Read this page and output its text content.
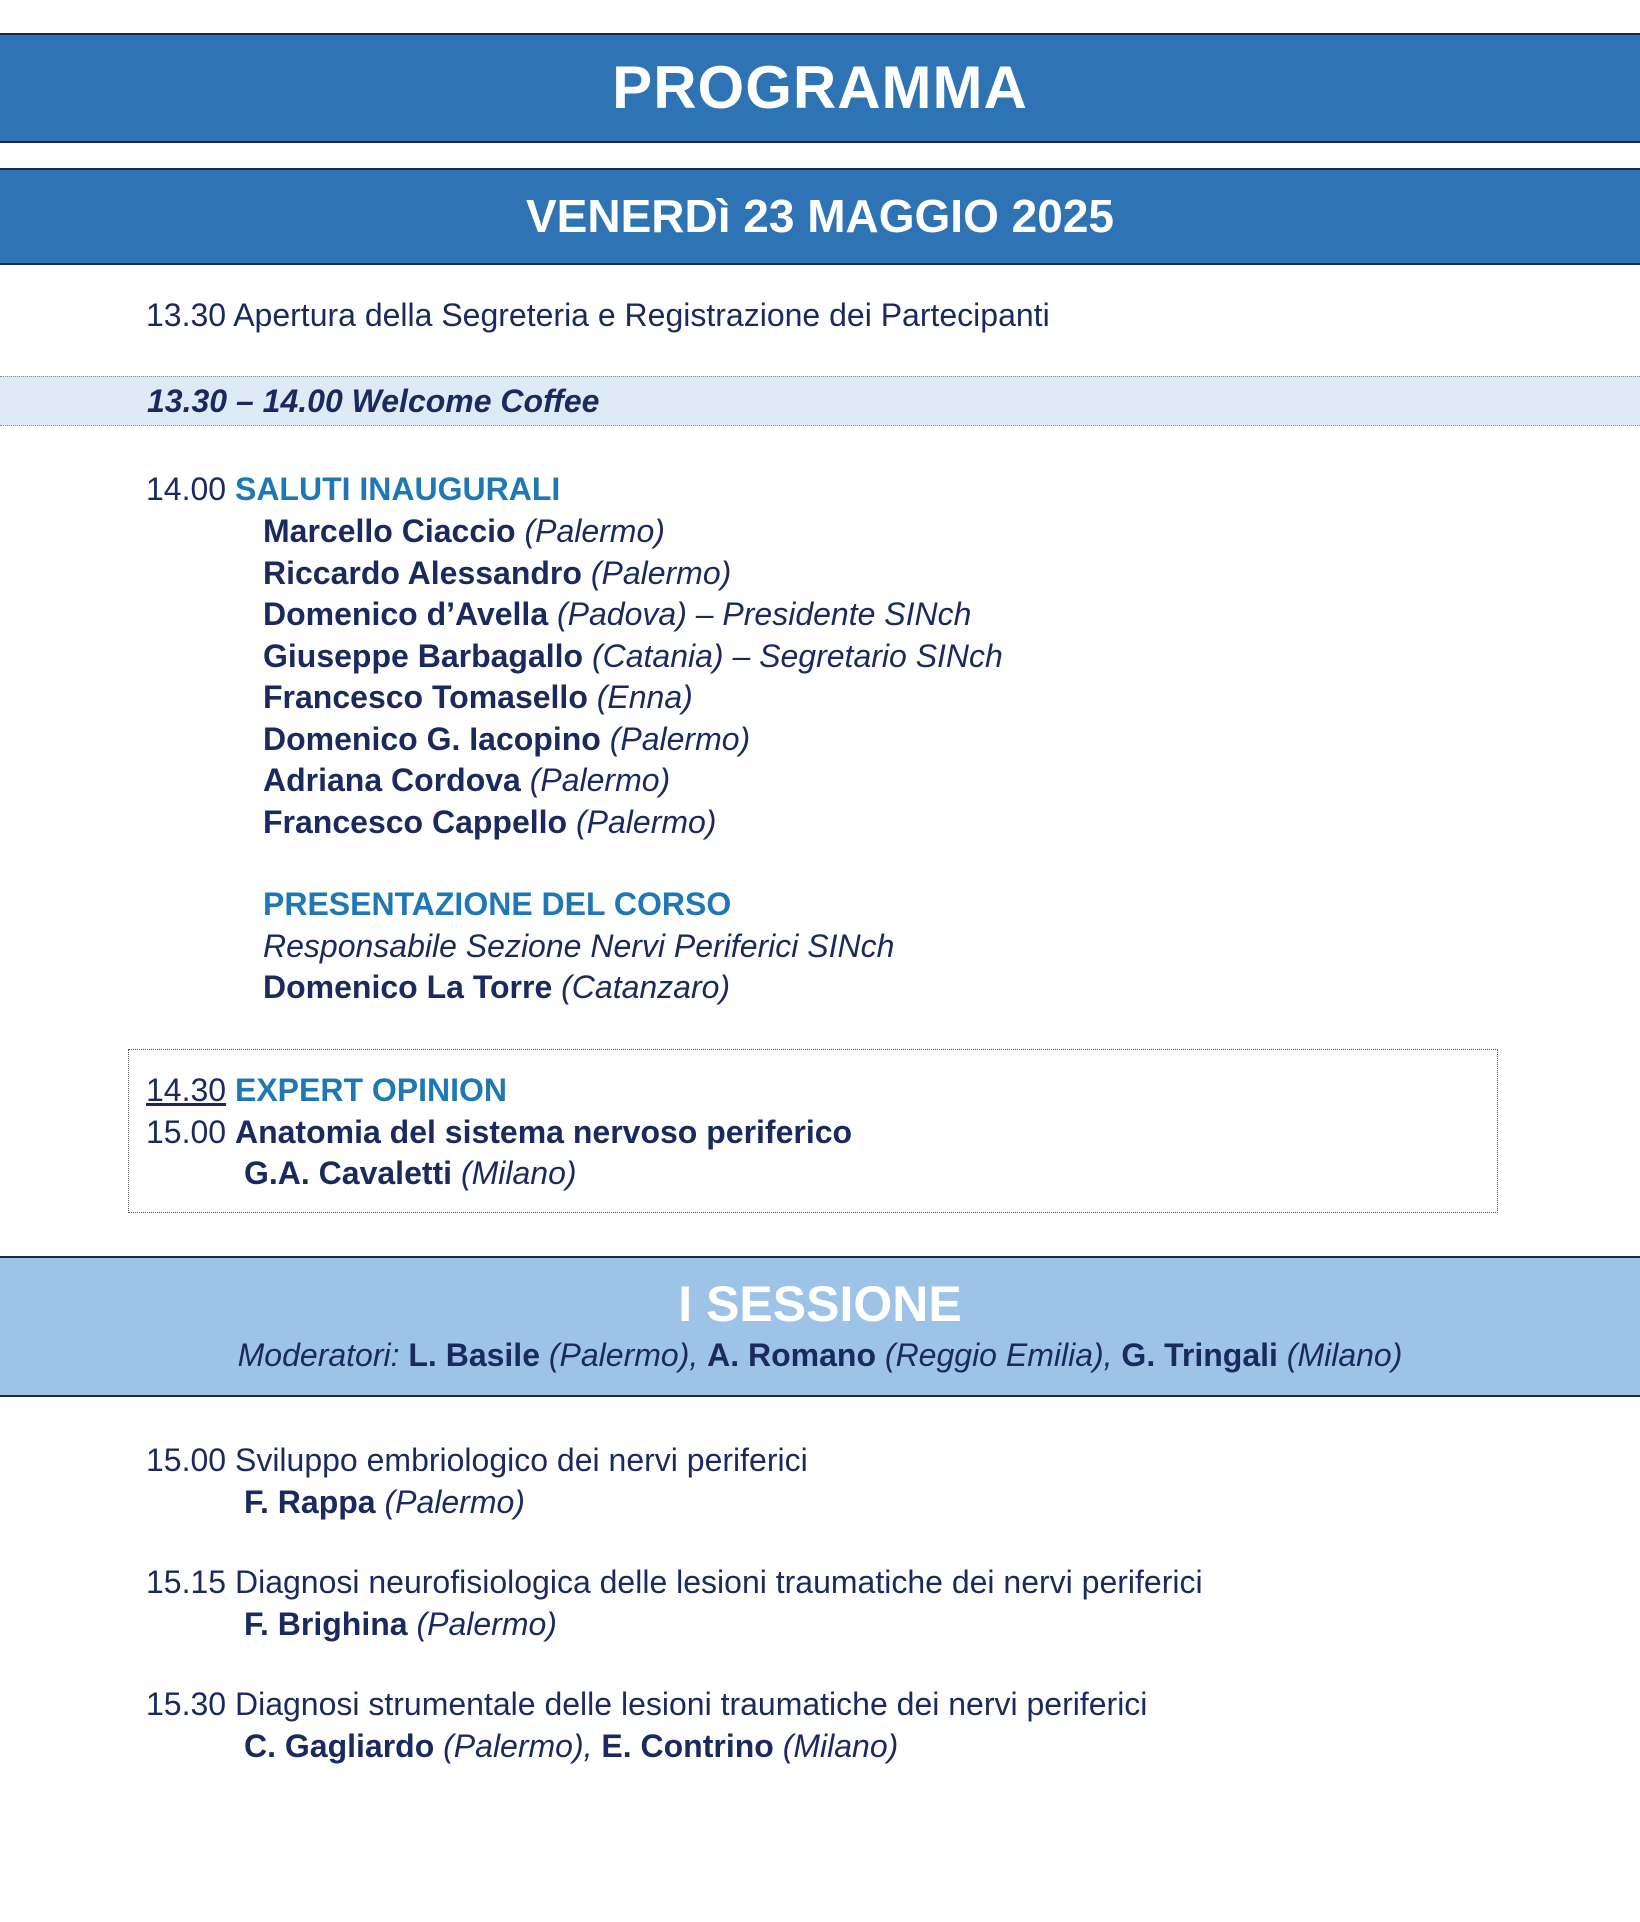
PROGRAMMA
VENERDì 23 MAGGIO 2025
13.30 Apertura della Segreteria e Registrazione dei Partecipanti
13.30 – 14.00 Welcome Coffee
14.00 SALUTI INAUGURALI
Marcello Ciaccio (Palermo)
Riccardo Alessandro (Palermo)
Domenico d’Avella (Padova) – Presidente SINch
Giuseppe Barbagallo (Catania) – Segretario SINch
Francesco Tomasello (Enna)
Domenico G. Iacopino (Palermo)
Adriana Cordova (Palermo)
Francesco Cappello (Palermo)
PRESENTAZIONE DEL CORSO
Responsabile Sezione Nervi Periferici SINch
Domenico La Torre (Catanzaro)
14.30 EXPERT OPINION
15.00 Anatomia del sistema nervoso periferico
G.A. Cavaletti (Milano)
I SESSIONE
Moderatori: L. Basile (Palermo), A. Romano (Reggio Emilia), G. Tringali (Milano)
15.00 Sviluppo embriologico dei nervi periferici
F. Rappa (Palermo)
15.15 Diagnosi neurofisiologica delle lesioni traumatiche dei nervi periferici
F. Brighina (Palermo)
15.30 Diagnosi strumentale delle lesioni traumatiche dei nervi periferici
C. Gagliardo (Palermo), E. Contrino (Milano)
